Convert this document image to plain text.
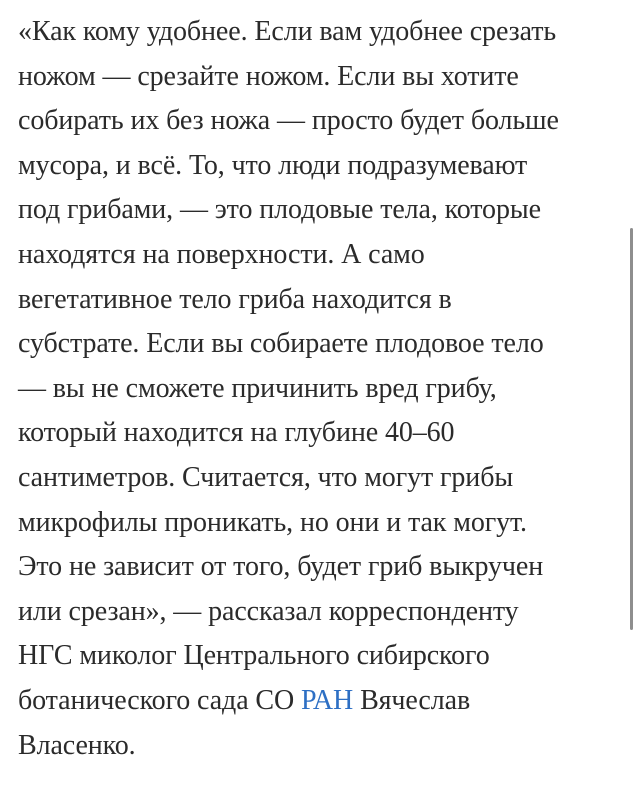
«Как кому удобнее. Если вам удобнее срезать
ножом — срезайте ножом. Если вы хотите
собирать их без ножа — просто будет больше
мусора, и всё. То, что люди подразумевают
под грибами, — это плодовые тела, которые
находятся на поверхности. А само
вегетативное тело гриба находится в
субстрате. Если вы собираете плодовое тело
— вы не сможете причинить вред грибу,
который находится на глубине 40–60
сантиметров. Считается, что могут грибы
микрофилы проникать, но они и так могут.
Это не зависит от того, будет гриб выкручен
или срезан», — рассказал корреспонденту
НГС миколог Центрального сибирского
ботанического сада СО РАН Вячеслав
Власенко.
